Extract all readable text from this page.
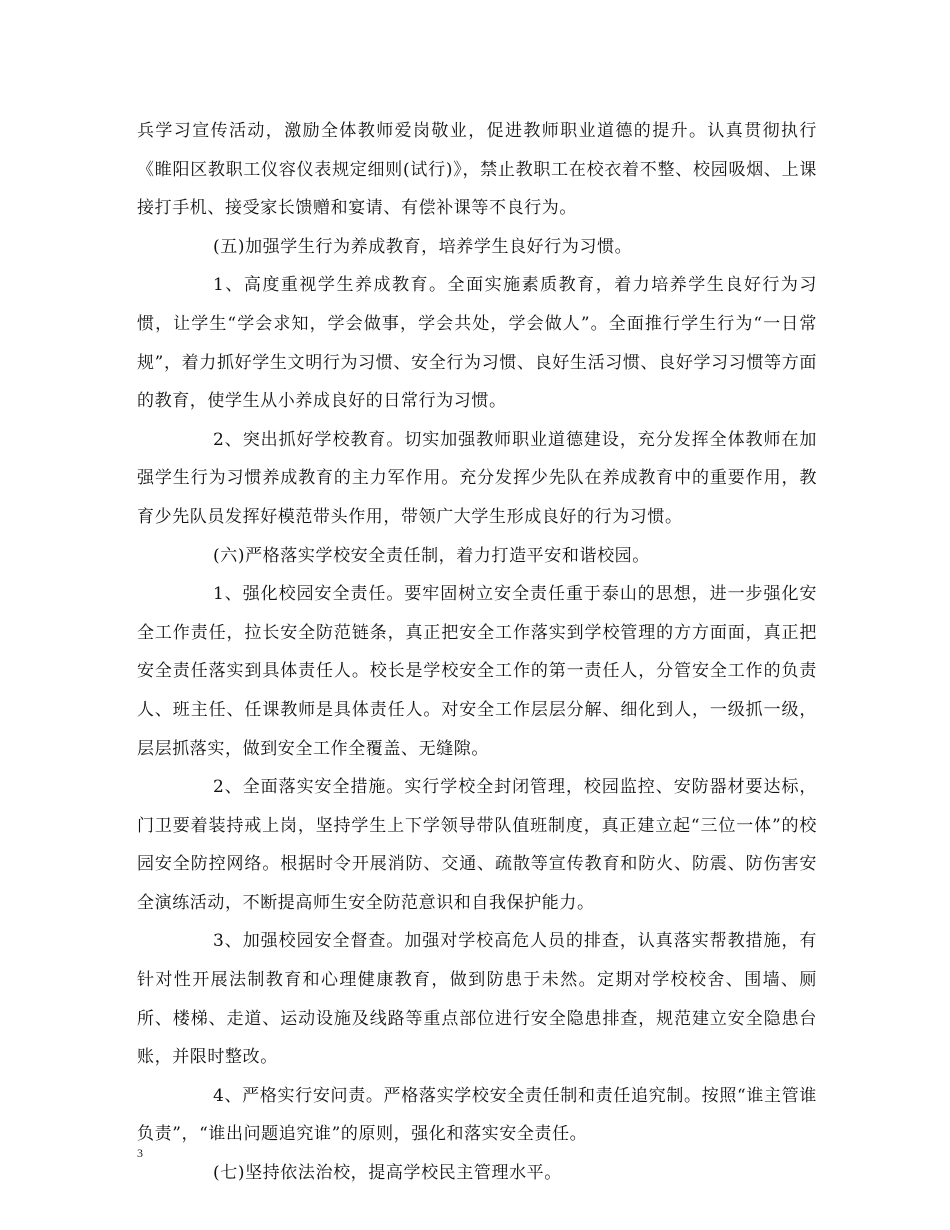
兵学习宣传活动，激励全体教师爱岗敬业，促进教师职业道德的提升。认真贯彻执行《睢阳区教职工仪容仪表规定细则(试行)》，禁止教职工在校衣着不整、校园吸烟、上课接打手机、接受家长馈赠和宴请、有偿补课等不良行为。

(五)加强学生行为养成教育，培养学生良好行为习惯。

1、高度重视学生养成教育。全面实施素质教育，着力培养学生良好行为习惯，让学生“学会求知，学会做事，学会共处，学会做人”。全面推行学生行为“一日常规”，着力抓好学生文明行为习惯、安全行为习惯、良好生活习惯、良好学习习惯等方面的教育，使学生从小养成良好的日常行为习惯。

2、突出抓好学校教育。切实加强教师职业道德建设，充分发挥全体教师在加强学生行为习惯养成教育的主力军作用。充分发挥少先队在养成教育中的重要作用，教育少先队员发挥好模范带头作用，带领广大学生形成良好的行为习惯。

(六)严格落实学校安全责任制，着力打造平安和谐校园。

1、强化校园安全责任。要牢固树立安全责任重于泰山的思想，进一步强化安全工作责任，拉长安全防范链条，真正把安全工作落实到学校管理的方方面面，真正把安全责任落实到具体责任人。校长是学校安全工作的第一责任人，分管安全工作的负责人、班主任、任课教师是具体责任人。对安全工作层层分解、细化到人，一级抓一级，层层抓落实，做到安全工作全覆盖、无缝隙。

2、全面落实安全措施。实行学校全封闭管理，校园监控、安防器材要达标，门卫要着装持戒上岗，坚持学生上下学领导带队值班制度，真正建立起“三位一体”的校园安全防控网络。根据时令开展消防、交通、疏散等宣传教育和防火、防震、防伤害安全演练活动，不断提高师生安全防范意识和自我保护能力。

3、加强校园安全督查。加强对学校高危人员的排查，认真落实帮教措施，有针对性开展法制教育和心理健康教育，做到防患于未然。定期对学校校舍、围墙、厕所、楼梯、走道、运动设施及线路等重点部位进行安全隐患排查，规范建立安全隐患台账，并限时整改。

4、严格实行安问责。严格落实学校安全责任制和责任追究制。按照“谁主管谁负责”，“谁出问题追究谁”的原则，强化和落实安全责任。

(七)坚持依法治校，提高学校民主管理水平。

3
